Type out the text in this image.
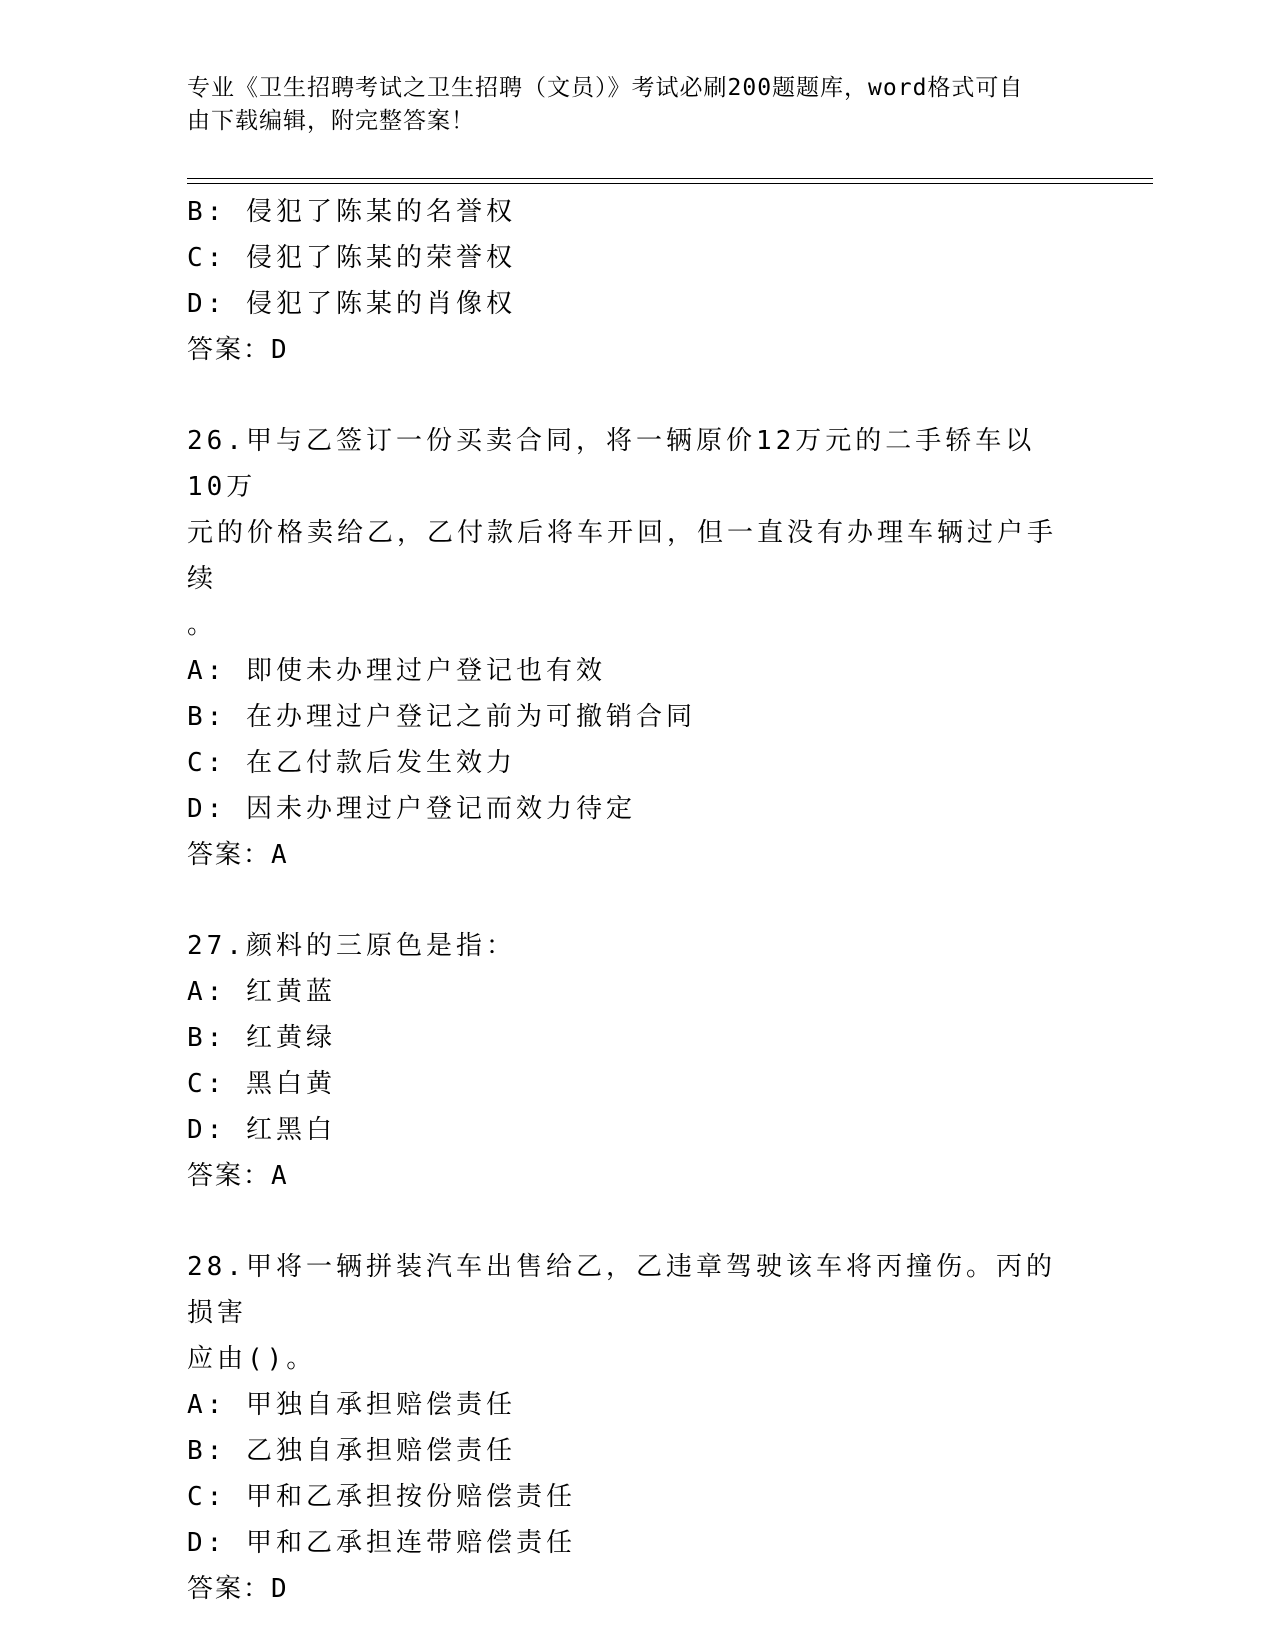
专业《卫生招聘考试之卫生招聘（文员）》考试必刷200题题库，word格式可自
由下载编辑，附完整答案！
B: 侵犯了陈某的名誉权
C: 侵犯了陈某的荣誉权
D: 侵犯了陈某的肖像权
答案：D
26.甲与乙签订一份买卖合同，将一辆原价12万元的二手轿车以10万
元的价格卖给乙，乙付款后将车开回，但一直没有办理车辆过户手续
。
A: 即使未办理过户登记也有效
B: 在办理过户登记之前为可撤销合同
C: 在乙付款后发生效力
D: 因未办理过户登记而效力待定
答案：A
27.颜料的三原色是指：
A: 红黄蓝
B: 红黄绿
C: 黑白黄
D: 红黑白
答案：A
28.甲将一辆拼装汽车出售给乙，乙违章驾驶该车将丙撞伤。丙的损害
应由()。
A: 甲独自承担赔偿责任
B: 乙独自承担赔偿责任
C: 甲和乙承担按份赔偿责任
D: 甲和乙承担连带赔偿责任
答案：D
